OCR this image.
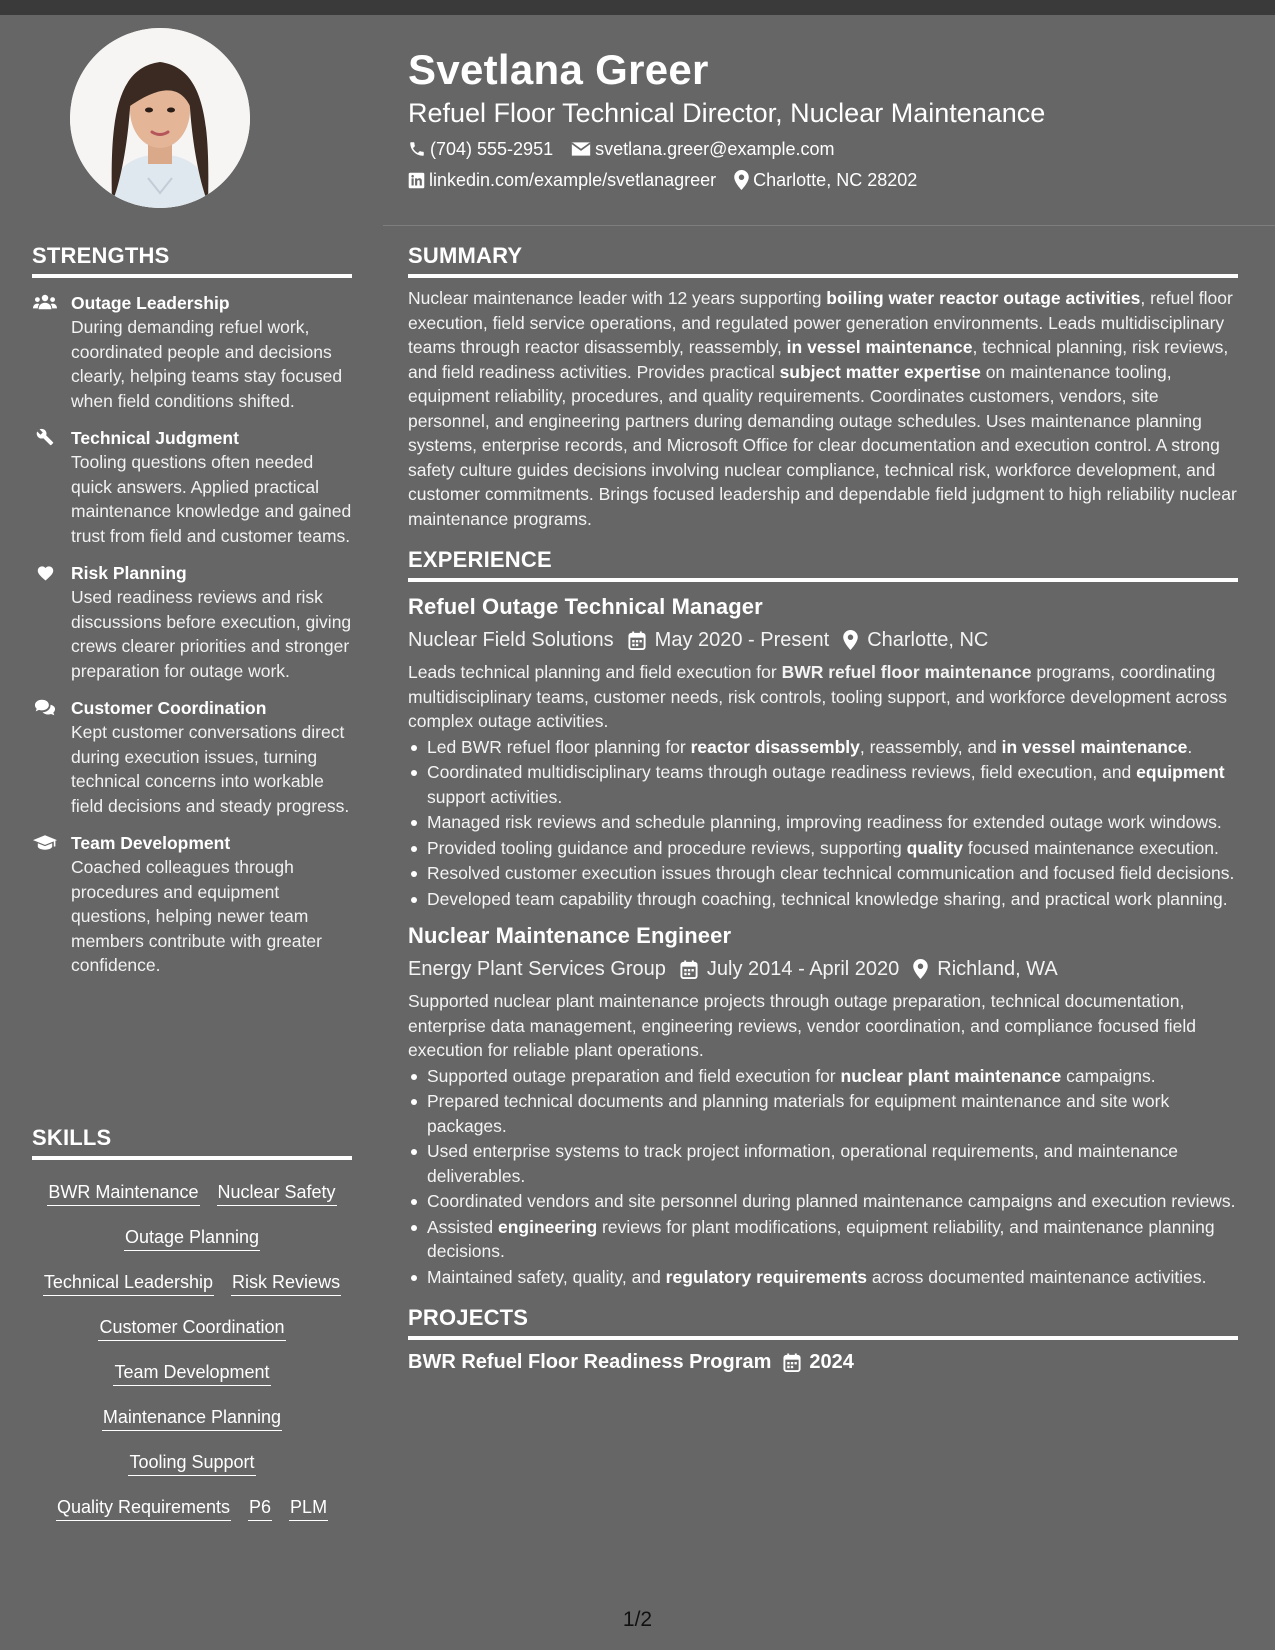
Svetlana Greer
Refuel Floor Technical Director, Nuclear Maintenance
(704) 555-2951 svetlana.greer@example.com
linkedin.com/example/svetlanagreer Charlotte, NC 28202
STRENGTHS
Outage Leadership
During demanding refuel work, coordinated people and decisions clearly, helping teams stay focused when field conditions shifted.
Technical Judgment
Tooling questions often needed quick answers. Applied practical maintenance knowledge and gained trust from field and customer teams.
Risk Planning
Used readiness reviews and risk discussions before execution, giving crews clearer priorities and stronger preparation for outage work.
Customer Coordination
Kept customer conversations direct during execution issues, turning technical concerns into workable field decisions and steady progress.
Team Development
Coached colleagues through procedures and equipment questions, helping newer team members contribute with greater confidence.
SKILLS
BWR Maintenance Nuclear Safety
Outage Planning
Technical Leadership Risk Reviews
Customer Coordination
Team Development
Maintenance Planning
Tooling Support
Quality Requirements P6 PLM
SUMMARY
Nuclear maintenance leader with 12 years supporting boiling water reactor outage activities, refuel floor execution, field service operations, and regulated power generation environments. Leads multidisciplinary teams through reactor disassembly, reassembly, in vessel maintenance, technical planning, risk reviews, and field readiness activities. Provides practical subject matter expertise on maintenance tooling, equipment reliability, procedures, and quality requirements. Coordinates customers, vendors, site personnel, and engineering partners during demanding outage schedules. Uses maintenance planning systems, enterprise records, and Microsoft Office for clear documentation and execution control. A strong safety culture guides decisions involving nuclear compliance, technical risk, workforce development, and customer commitments. Brings focused leadership and dependable field judgment to high reliability nuclear maintenance programs.
EXPERIENCE
Refuel Outage Technical Manager
Nuclear Field Solutions May 2020 - Present Charlotte, NC
Leads technical planning and field execution for BWR refuel floor maintenance programs, coordinating multidisciplinary teams, customer needs, risk controls, tooling support, and workforce development across complex outage activities.
Led BWR refuel floor planning for reactor disassembly, reassembly, and in vessel maintenance.
Coordinated multidisciplinary teams through outage readiness reviews, field execution, and equipment support activities.
Managed risk reviews and schedule planning, improving readiness for extended outage work windows.
Provided tooling guidance and procedure reviews, supporting quality focused maintenance execution.
Resolved customer execution issues through clear technical communication and focused field decisions.
Developed team capability through coaching, technical knowledge sharing, and practical work planning.
Nuclear Maintenance Engineer
Energy Plant Services Group July 2014 - April 2020 Richland, WA
Supported nuclear plant maintenance projects through outage preparation, technical documentation, enterprise data management, engineering reviews, vendor coordination, and compliance focused field execution for reliable plant operations.
Supported outage preparation and field execution for nuclear plant maintenance campaigns.
Prepared technical documents and planning materials for equipment maintenance and site work packages.
Used enterprise systems to track project information, operational requirements, and maintenance deliverables.
Coordinated vendors and site personnel during planned maintenance campaigns and execution reviews.
Assisted engineering reviews for plant modifications, equipment reliability, and maintenance planning decisions.
Maintained safety, quality, and regulatory requirements across documented maintenance activities.
PROJECTS
BWR Refuel Floor Readiness Program 2024
1/2
